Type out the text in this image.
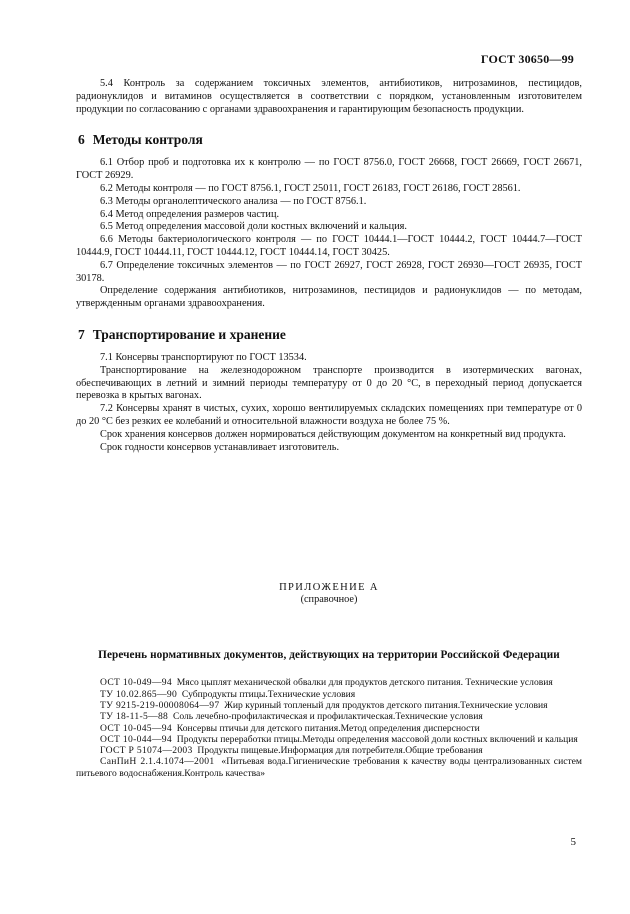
ГОСТ 30650—99

5.4 Контроль за содержанием токсичных элементов, антибиотиков, нитрозаминов, пестицидов, радионуклидов и витаминов осуществляется в соответствии с порядком, установленным изготовителем продукции по согласованию с органами здравоохранения и гарантирующим безопасность продукции.

6 Методы контроля

6.1 Отбор проб и подготовка их к контролю — по ГОСТ 8756.0, ГОСТ 26668, ГОСТ 26669, ГОСТ 26671, ГОСТ 26929.

6.2 Методы контроля — по ГОСТ 8756.1, ГОСТ 25011, ГОСТ 26183, ГОСТ 26186, ГОСТ 28561.

6.3 Методы органолептического анализа — по ГОСТ 8756.1.

6.4 Метод определения размеров частиц.

6.5 Метод определения массовой доли костных включений и кальция.

6.6 Методы бактериологического контроля — по ГОСТ 10444.1—ГОСТ 10444.2, ГОСТ 10444.7—ГОСТ 10444.9, ГОСТ 10444.11, ГОСТ 10444.12, ГОСТ 10444.14, ГОСТ 30425.

6.7 Определение токсичных элементов — по ГОСТ 26927, ГОСТ 26928, ГОСТ 26930—ГОСТ 26935, ГОСТ 30178.

Определение содержания антибиотиков, нитрозаминов, пестицидов и радионуклидов — по методам, утвержденным органами здравоохранения.

7 Транспортирование и хранение

7.1 Консервы транспортируют по ГОСТ 13534.

Транспортирование на железнодорожном транспорте производится в изотермических вагонах, обеспечивающих в летний и зимний периоды температуру от 0 до 20 °С, в переходный период допускается перевозка в крытых вагонах.

7.2 Консервы хранят в чистых, сухих, хорошо вентилируемых складских помещениях при температуре от 0 до 20 °С без резких ее колебаний и относительной влажности воздуха не более 75 %.

Срок хранения консервов должен нормироваться действующим документом на конкретный вид продукта.

Срок годности консервов устанавливает изготовитель.

ПРИЛОЖЕНИЕ А
(справочное)
Перечень нормативных документов, действующих на территории Российской Федерации

ОСТ 10-049—94 Мясо цыплят механической обвалки для продуктов детского питания. Технические условия

ТУ 10.02.865—90 Субпродукты птицы.Технические условия

ТУ 9215-219-00008064—97 Жир куриный топленый для продуктов детского питания.Технические условия

ТУ 18-11-5—88 Соль лечебно-профилактическая и профилактическая.Технические условия

ОСТ 10-045—94 Консервы птичьи для детского питания.Метод определения дисперсности

ОСТ 10-044—94 Продукты переработки птицы.Методы определения массовой доли костных включений и кальция

ГОСТ Р 51074—2003 Продукты пищевые.Информация для потребителя.Общие требования

СанПиН 2.1.4.1074—2001 «Питьевая вода.Гигиенические требования к качеству воды централизованных систем питьевого водоснабжения.Контроль качества»

5
